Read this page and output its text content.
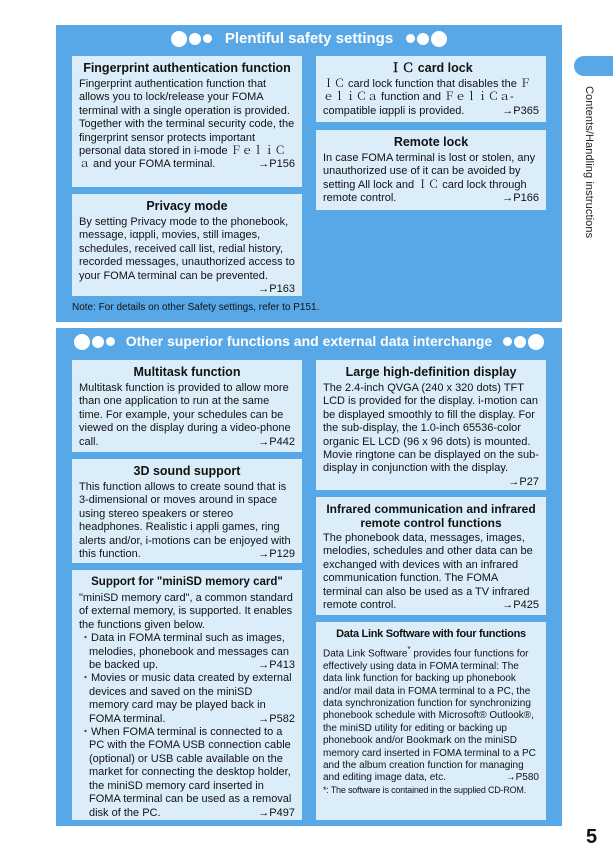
Contents/Handling instructions
Plentiful safety settings
Fingerprint authentication function

Fingerprint authentication function that allows you to lock/release your FOMA terminal with a single operation is provided. Together with the terminal security code, the fingerprint sensor protects important personal data stored in i-mode ＦｅｌｉＣａ and your FOMA terminal.	→ P156

Privacy mode

By setting Privacy mode to the phonebook, message, iαppli, movies, still images, schedules, received call list, redial history, recorded messages, unauthorized access to your FOMA terminal can be prevented.
→ P163

ＩＣ card lock

ＩＣ card lock function that disables the ＦｅｌｉＣａ function and ＦｅｌｉＣａ-compatible iαppli is provided.	→ P365

Remote lock

In case FOMA terminal is lost or stolen, any unauthorized use of it can be avoided by setting All lock and ＩＣ card lock through remote control.	→ P166

Note: For details on other Safety settings, refer to P151.
Other superior functions and external data interchange
Multitask function

Multitask function is provided to allow more than one application to run at the same time. For example, your schedules can be viewed on the display during a video-phone call.	→ P442

3D sound support

This function allows to create sound that is 3-dimensional or moves around in space using stereo speakers or stereo headphones. Realistic i appli games, ring alerts and/or, i-motions can be enjoyed with this function.	→ P129

Support for "miniSD memory card"

"miniSD memory card", a common standard of external memory, is supported. It enables the functions given below.

・Data in FOMA terminal such as images, melodies, phonebook and messages can be backed up.	→ P413

・Movies or music data created by external devices and saved on the miniSD memory card may be played back in FOMA terminal.	→ P582

・When FOMA terminal is connected to a PC with the FOMA USB connection cable (optional) or USB cable available on the market for connecting the desktop holder, the miniSD memory card inserted in FOMA terminal can be used as a removal disk of the PC.	→ P497

Large high-definition display

The 2.4-inch QVGA (240 x 320 dots) TFT LCD is provided for the display. i-motion can be displayed smoothly to fill the display. For the sub-display, the 1.0-inch 65536-color organic EL LCD (96 x 96 dots) is mounted. Movie ringtone can be displayed on the sub-display in conjunction with the display.
→ P27

Infrared communication and infrared remote control functions

The phonebook data, messages, images, melodies, schedules and other data can be exchanged with devices with an infrared communication function. The FOMA terminal can also be used as a TV infrared remote control.	→ P425

Data Link Software with four functions

Data Link Software* provides four functions for effectively using data in FOMA terminal: The data link function for backing up phonebook and/or mail data in FOMA terminal to a PC, the data synchronization function for synchronizing phonebook schedule with Microsoft® Outlook®, the miniSD utility for editing or backing up phonebook and/or Bookmark on the miniSD memory card inserted in FOMA terminal to a PC and the album creation function for managing and editing image data, etc.	→ P580

*: The software is contained in the supplied CD-ROM.

5
